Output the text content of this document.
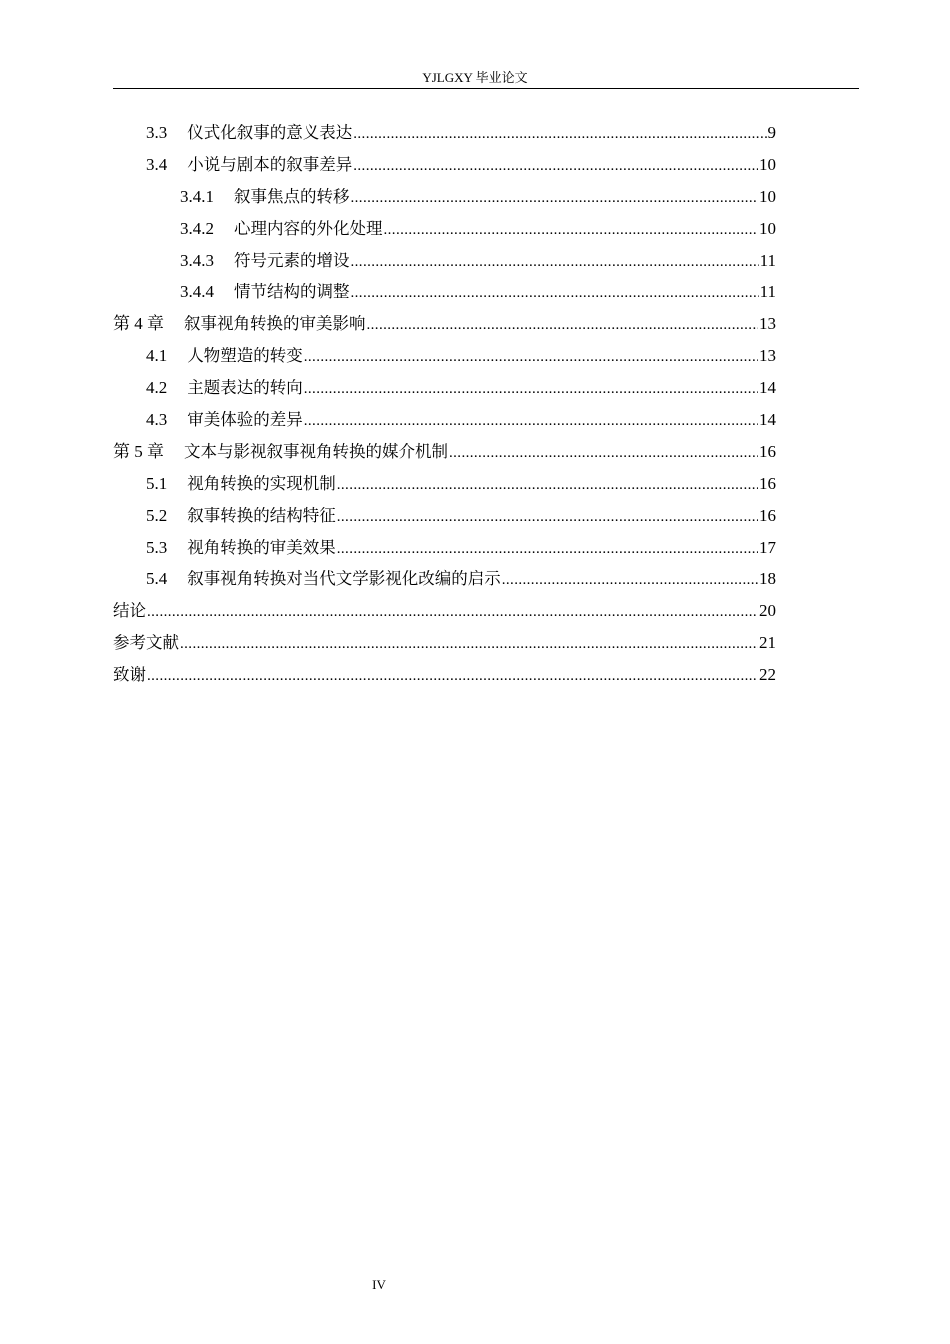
YJLGXY 毕业论文
3.3 仪式化叙事的意义表达 .....	9
3.4 小说与剧本的叙事差异 .....	10
3.4.1 叙事焦点的转移 .....	10
3.4.2 心理内容的外化处理 .....	10
3.4.3 符号元素的增设 .....	11
3.4.4 情节结构的调整 .....	11
第 4 章 叙事视角转换的审美影响 .....	13
4.1 人物塑造的转变 .....	13
4.2 主题表达的转向 .....	14
4.3 审美体验的差异 .....	14
第 5 章 文本与影视叙事视角转换的媒介机制 .....	16
5.1 视角转换的实现机制 .....	16
5.2 叙事转换的结构特征 .....	16
5.3 视角转换的审美效果 .....	17
5.4 叙事视角转换对当代文学影视化改编的启示 .....	18
结论 .....	20
参考文献 .....	21
致谢 .....	22
IV
